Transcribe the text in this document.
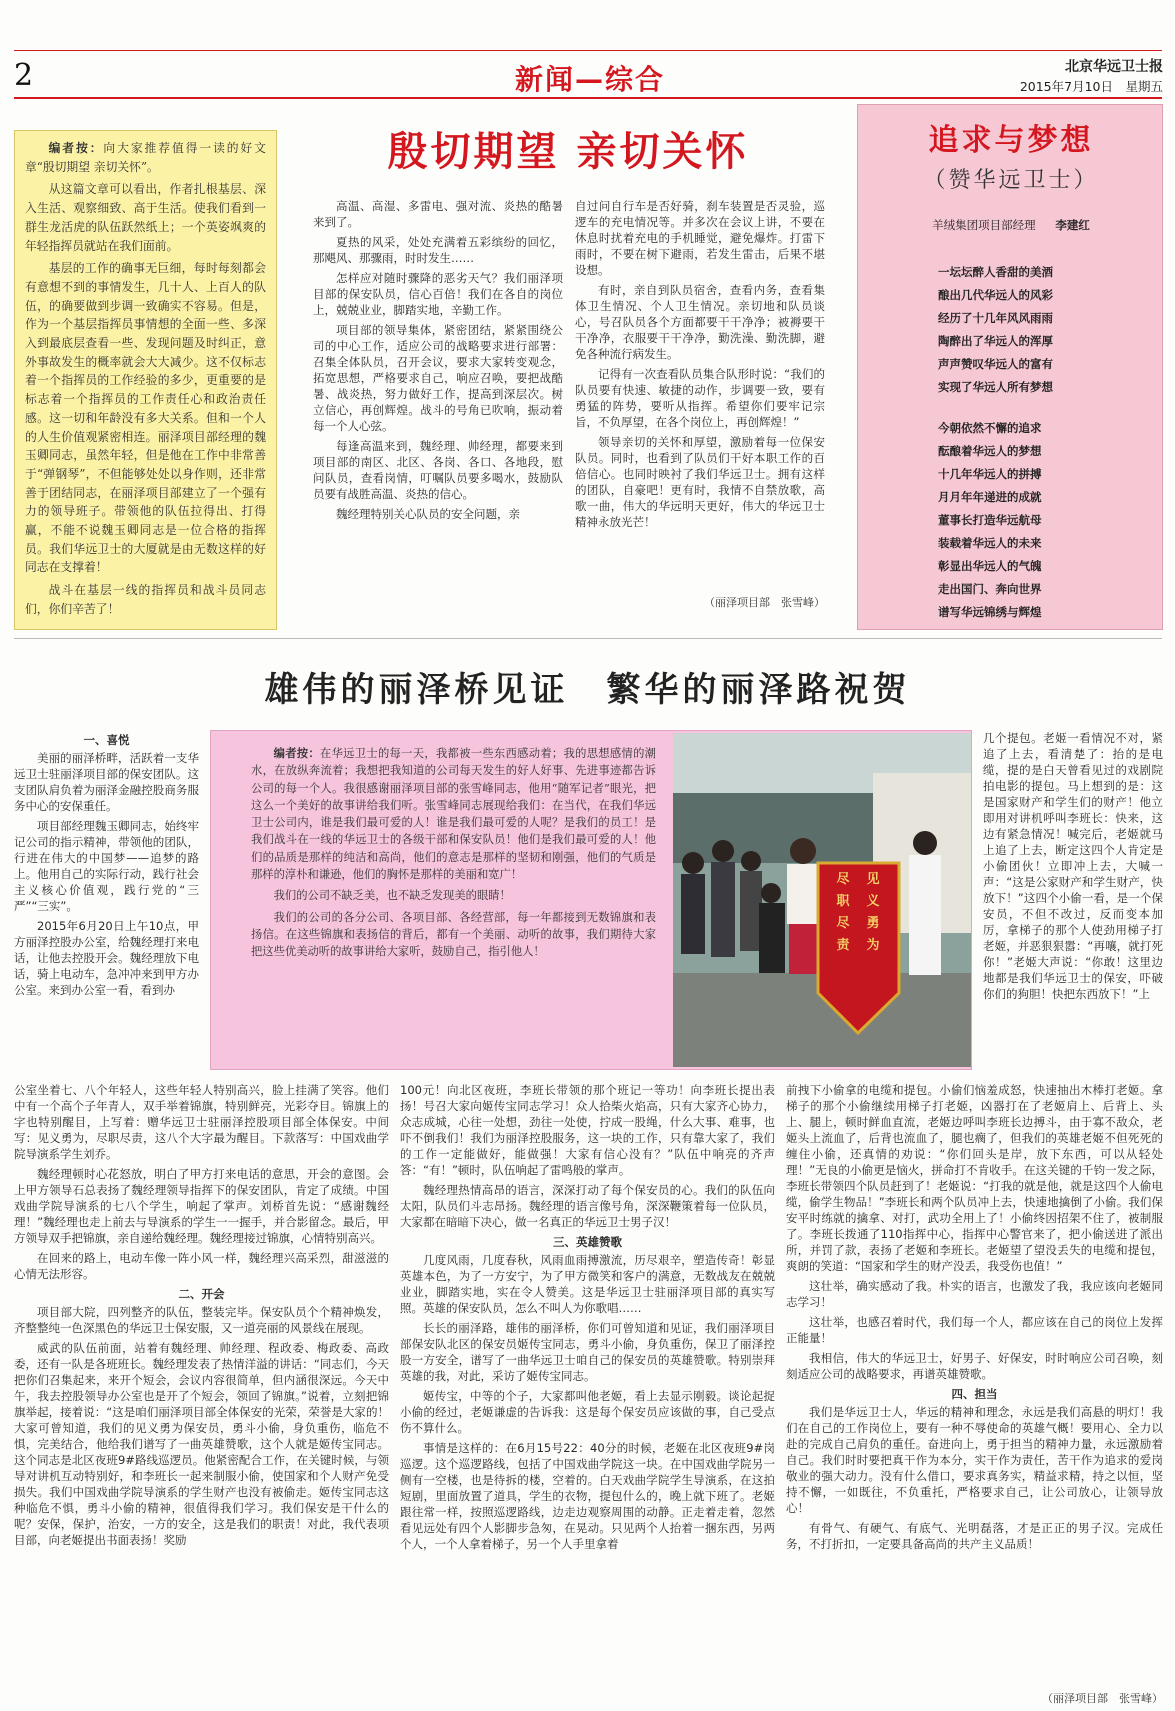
2	新闻—综合	北京华远卫士报
2015年7月10日　星期五

编者按：向大家推荐值得一读的好文章“殷切期望 亲切关怀”。

从这篇文章可以看出，作者扎根基层、深入生活、观察细致、高于生活。使我们看到一群生龙活虎的队伍跃然纸上；一个英姿飒爽的年轻指挥员就站在我们面前。

基层的工作的确事无巨细，每时每刻都会有意想不到的事情发生，几十人、上百人的队伍，的确要做到步调一致确实不容易。但是，作为一个基层指挥员事情想的全面一些、多深入到最底层查看一些、发现问题及时纠正，意外事故发生的概率就会大大减少。这不仅标志着一个指挥员的工作经验的多少，更重要的是标志着一个指挥员的工作责任心和政治责任感。这一切和年龄没有多大关系。但和一个人的人生价值观紧密相连。丽泽项目部经理的魏玉卿同志，虽然年轻，但是他在工作中非常善于“弹钢琴”，不但能够处处以身作则，还非常善于团结同志，在丽泽项目部建立了一个强有力的领导班子。带领他的队伍拉得出、打得赢，不能不说魏玉卿同志是一位合格的指挥员。我们华远卫士的大厦就是由无数这样的好同志在支撑着！

战斗在基层一线的指挥员和战斗员同志们，你们辛苦了！

殷切期望 亲切关怀

高温、高湿、多雷电、强对流、炎热的酷暑来到了。

夏热的风采，处处充满着五彩缤纷的回忆，那飓风、那骤雨，时时发生……

怎样应对随时骤降的恶劣天气？我们丽泽项目部的保安队员，信心百倍！我们在各自的岗位上，兢兢业业，脚踏实地，辛勤工作。

项目部的领导集体，紧密团结，紧紧围绕公司的中心工作，适应公司的战略要求进行部署：召集全体队员，召开会议，要求大家转变观念，拓宽思想，严格要求自己，响应召唤，要把战酷暑、战炎热，努力做好工作，提高到深层次。树立信心，再创辉煌。战斗的号角已吹响，振动着每一个人心弦。

每逢高温来到，魏经理、帅经理，都要来到项目部的南区、北区、各岗、各口、各地段，慰问队员，查看岗情，叮嘱队员要多喝水，鼓励队员要有战胜高温、炎热的信心。

魏经理特别关心队员的安全问题，亲

自过问自行车是否好骑，刹车装置是否灵验，巡逻车的充电情况等。并多次在会议上讲，不要在休息时扰着充电的手机睡觉，避免爆炸。打雷下雨时，不要在树下避雨，若发生雷击，后果不堪设想。

有时，亲自到队员宿舍，查看内务，查看集体卫生情况、个人卫生情况。亲切地和队员谈心，号召队员各个方面都要干干净净；被褥要干干净净，衣服要干干净净，勤洗澡、勤洗脚，避免各种流行病发生。

记得有一次查看队员集合队形时说：“我们的队员要有快速、敏捷的动作，步调要一致，要有勇猛的阵势，要听从指挥。希望你们要牢记宗旨，不负厚望，在各个岗位上，再创辉煌！”

领导亲切的关怀和厚望，激励着每一位保安队员。同时，也看到了队员们干好本职工作的百倍信心。也同时映衬了我们华远卫士。拥有这样的团队，自豪吧！更有时，我情不自禁放歌，高歌一曲，伟大的华远明天更好，伟大的华远卫士精神永放光芒！

（丽泽项目部　张雪峰）
追求与梦想
（赞华远卫士）
羊绒集团项目部经理 李建红
一坛坛醉人香甜的美酒
酿出几代华远人的风彩
经历了十几年风风雨雨
陶醉出了华远人的浑厚
声声赞叹华远人的富有
实现了华远人所有梦想
今朝依然不懈的追求
酝酿着华远人的梦想
十几年华远人的拼搏
月月年年递进的成就
董事长打造华远航母
装载着华远人的未来
彰显出华远人的气魄
走出国门、奔向世界
谱写华远锦绣与辉煌
雄伟的丽泽桥见证　繁华的丽泽路祝贺
一、喜悦

美丽的丽泽桥畔，活跃着一支华远卫士驻丽泽项目部的保安团队。这支团队肩负着为丽泽金融控股商务服务中心的安保重任。

项目部经理魏玉卿同志，始终牢记公司的指示精神，带领他的团队，行进在伟大的中国梦——追梦的路上。他用自己的实际行动，践行社会主义核心价值观，践行党的“三严”“三实”。

2015年6月20日上午10点，甲方丽泽控股办公室，给魏经理打来电话，让他去控股开会。魏经理放下电话，骑上电动车，急冲冲来到甲方办公室。来到办公室一看，看到办

编者按：在华远卫士的每一天，我都被一些东西感动着；我的思想感情的潮水，在放纵奔流着；我想把我知道的公司每天发生的好人好事、先进事迹都告诉公司的每一个人。我很感谢丽泽项目部的张雪峰同志，他用“随军记者”眼光，把这么一个美好的故事讲给我们听。张雪峰同志展现给我们：在当代，在我们华远卫士公司内，谁是我们最可爱的人！谁是我们最可爱的人呢？是我们的员工！是我们战斗在一线的华远卫士的各级干部和保安队员！他们是我们最可爱的人！他们的品质是那样的纯洁和高尚，他们的意志是那样的坚韧和刚强，他们的气质是那样的淳朴和谦逊，他们的胸怀是那样的美丽和宽广！

我们的公司不缺乏美，也不缺乏发现美的眼睛！

我们的公司的各分公司、各项目部、各经营部，每一年都接到无数锦旗和表扬信。在这些锦旗和表扬信的背后，都有一个美丽、动听的故事，我们期待大家把这些优美动听的故事讲给大家听，鼓励自己，指引他人！

尽职尽责
见义勇为

几个提包。老姬一看情况不对，紧追了上去，看清楚了：抬的是电缆，提的是白天曾看见过的戏剧院拍电影的提包。马上想到的是：这是国家财产和学生们的财产！他立即用对讲机呼叫李班长：快来，这边有紧急情况！喊完后，老姬就马上追了上去，断定这四个人肯定是小偷团伙！立即冲上去，大喊一声：“这是公家财产和学生财产，快放下！”这四个小偷一看，是一个保安员，不但不改过，反而变本加厉，拿梯子的那个人使劲用梯子打老姬，并恶狠狠嚣：“再嚷，就打死你！”老姬大声说：“你敢！这里边地都是我们华远卫士的保安，吓破你们的狗胆！快把东西放下！”上

公室坐着七、八个年轻人，这些年轻人特别高兴，脸上挂满了笑容。他们中有一个高个子年青人，双手举着锦旗，特别鲜亮，光彩夺目。锦旗上的字也特别醒目，上写着：赠华远卫士驻丽泽控股项目部全体保安。中间写：见义勇为，尽职尽责，这八个大字最为醒目。下款落写：中国戏曲学院导演系学生刘乔。

魏经理顿时心花怒放，明白了甲方打来电话的意思，开会的意图。会上甲方领导石总表扬了魏经理领导指挥下的保安团队，肯定了成绩。中国戏曲学院导演系的七八个学生，响起了掌声。刘桥首先说：“感谢魏经理！”魏经理也走上前去与导演系的学生一一握手，并合影留念。最后，甲方领导双手把锦旗，亲自递给魏经理。魏经理接过锦旗，心情特别高兴。

在回来的路上，电动车像一阵小风一样，魏经理兴高采烈，甜滋滋的心情无法形容。

二、开会

项目部大院，四列整齐的队伍，整装完毕。保安队员个个精神焕发，齐整整纯一色深黑色的华远卫士保安服，又一道亮丽的风景线在展现。

威武的队伍前面，站着有魏经理、帅经理、程政委、梅政委、高政委，还有一队是各班班长。魏经理发表了热情洋溢的讲话：“同志们，今天把你们召集起来，来开个短会，会议内容很简单，但内涵很深远。今天中午，我去控股领导办公室也是开了个短会，领回了锦旗。”说着，立刻把锦旗举起，接着说：“这是咱们丽泽项目部全体保安的光荣，荣誉是大家的！大家可曾知道，我们的见义勇为保安员，勇斗小偷，身负重伤，临危不惧，完美结合，他给我们谱写了一曲英雄赞歌，这个人就是姬传宝同志。这个同志是北区夜班9#路线巡逻员。他紧密配合工作，在关键时候，与领导对讲机互动特别好，和李班长一起来制服小偷，使国家和个人财产免受损失。我们中国戏曲学院导演系的学生财产也没有被偷走。姬传宝同志这种临危不惧，勇斗小偷的精神，很值得我们学习。我们保安是干什么的呢？安保，保护，治安，一方的安全，这是我们的职责！对此，我代表项目部，向老姬提出书面表扬！奖励

100元！向北区夜班，李班长带领的那个班记一等功！向李班长提出表扬！号召大家向姬传宝同志学习！众人拾柴火焰高，只有大家齐心协力，众志成城，心往一处想，劲往一处使，拧成一股绳，什么大事、难事，也吓不倒我们！我们为丽泽控股服务，这一块的工作，只有靠大家了，我们的工作一定能做好，能做强！大家有信心没有？”队伍中响亮的齐声答：“有！”顿时，队伍响起了雷鸣般的掌声。

魏经理热情高昂的语言，深深打动了每个保安员的心。我们的队伍向太阳，队员们斗志昂扬。魏经理的语言像号角，深深鞭策着每一位队员，大家都在暗暗下决心，做一名真正的华远卫士男子汉！

三、英雄赞歌

几度风雨，几度春秋，风雨血雨搏激流，历尽艰辛，塑造传奇！彰显英雄本色，为了一方安宁，为了甲方微笑和客户的满意，无数战友在兢兢业业，脚踏实地，实在令人赞美。这是华远卫士驻丽泽项目部的真实写照。英雄的保安队员，怎么不叫人为你歌唱……

长长的丽泽路，雄伟的丽泽桥，你们可曾知道和见证，我们丽泽项目部保安队北区的保安员姬传宝同志，勇斗小偷，身负重伤，保卫了丽泽控股一方安全，谱写了一曲华远卫士咱自己的保安员的英雄赞歌。特别崇拜英雄的我，对此，采访了姬传宝同志。

姬传宝，中等的个子，大家都叫他老姬，看上去显示刚毅。谈论起捉小偷的经过，老姬谦虚的告诉我：这是每个保安员应该做的事，自己受点伤不算什么。

事情是这样的：在6月15号22：40分的时候，老姬在北区夜班9#岗巡逻。这个巡逻路线，包括了中国戏曲学院这一块。在中国戏曲学院另一侧有一空楼，也是待拆的楼，空着的。白天戏曲学院学生导演系，在这拍短剧，里面放置了道具，学生的衣物，提包什么的，晚上就下班了。老姬跟往常一样，按照巡逻路线，边走边观察周围的动静。正走着走着，忽然看见远处有四个人影脚步急匆，在晃动。只见两个人抬着一捆东西，另两个人，一个人拿着梯子，另一个人手里拿着

前拽下小偷拿的电缆和提包。小偷们恼羞成怒，快速抽出木棒打老姬。拿梯子的那个小偷继续用梯子打老姬，凶器打在了老姬肩上、后背上、头上、腿上，顿时鲜血直流，老姬边呼叫李班长边搏斗，由于寡不敌众，老姬头上流血了，后背也流血了，腿也瘸了，但我们的英雄老姬不但死死的缠住小偷，还真情的劝说：“你们回头是岸，放下东西，可以从轻处理！”无良的小偷更是恼火，拼命打不肯收手。在这关键的千钧一发之际，李班长带领四个队员赶到了！老姬说：“打我的就是他，就是这四个人偷电缆，偷学生物品！”李班长和两个队员冲上去，快速地擒倒了小偷。我们保安平时练就的擒拿、对打，武功全用上了！小偷终因招架不住了，被制服了。李班长拨通了110指挥中心，指挥中心警官来了，把小偷送进了派出所，并罚了款，表扬了老姬和李班长。老姬望了望没丢失的电缆和提包，爽朗的笑道：“国家和学生的财产没丢，我受伤也值！”

这壮举，确实感动了我。朴实的语言，也激发了我，我应该向老姬同志学习！

这壮举，也感召着时代，我们每一个人，都应该在自己的岗位上发挥正能量！

我相信，伟大的华远卫士，好男子、好保安，时时响应公司召唤，刻刻适应公司的战略要求，再谱英雄赞歌。

四、担当

我们是华远卫士人，华远的精神和理念，永远是我们高悬的明灯！我们在自己的工作岗位上，要有一种不辱使命的英雄气概！要用心、全力以赴的完成自己肩负的重任。奋进向上，勇于担当的精神力量，永远激励着自己。我们时时要把真干作为本分，实干作为责任，苦干作为追求的爱岗敬业的强大动力。没有什么借口，要求真务实，精益求精，持之以恒，坚持不懈，一如既往，不负重托，严格要求自己，让公司放心，让领导放心！

有骨气、有硬气、有底气、光明磊落，才是正正的男子汉。完成任务，不打折扣，一定要具备高尚的共产主义品质！

（丽泽项目部　张雪峰）
